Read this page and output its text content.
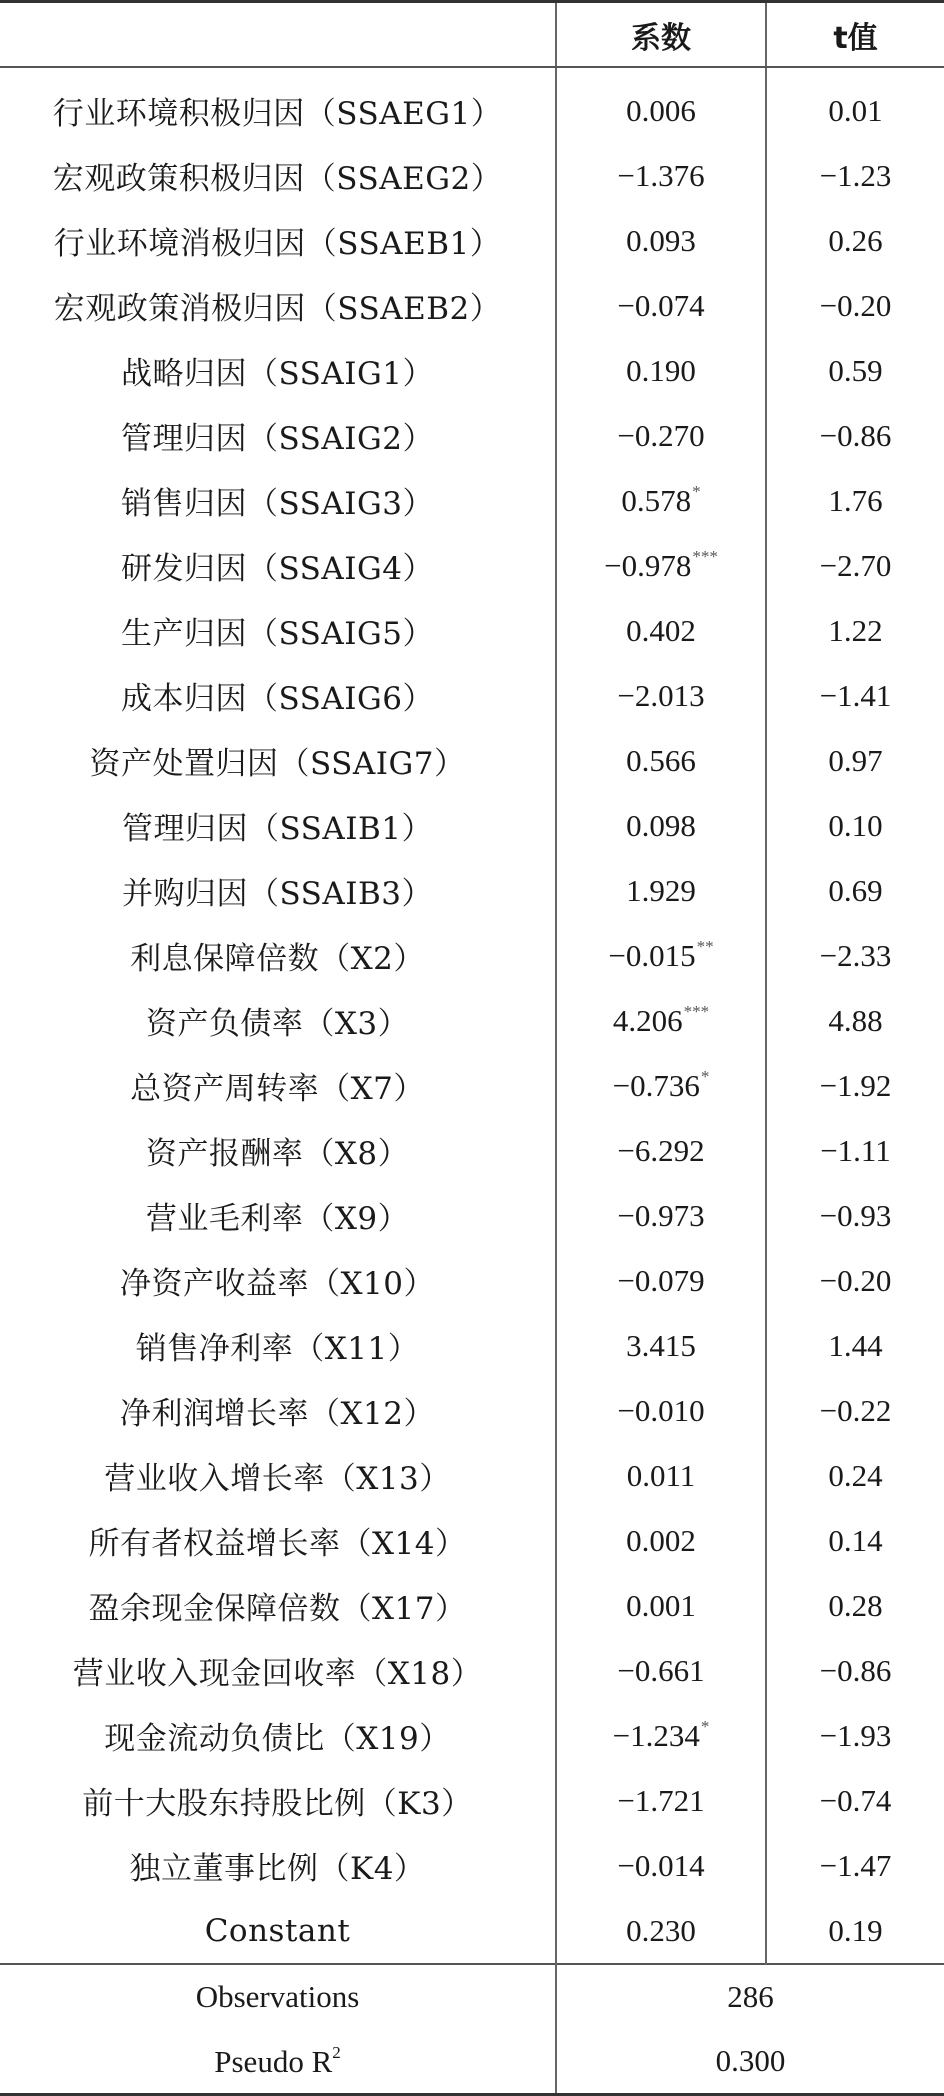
	系数	t值
行业环境积极归因（SSAEG1）	0.006	0.01
宏观政策积极归因（SSAEG2）	−1.376	−1.23
行业环境消极归因（SSAEB1）	0.093	0.26
宏观政策消极归因（SSAEB2）	−0.074	−0.20
战略归因（SSAIG1）	0.190	0.59
管理归因（SSAIG2）	−0.270	−0.86
销售归因（SSAIG3）	0.578*	1.76
研发归因（SSAIG4）	−0.978***	−2.70
生产归因（SSAIG5）	0.402	1.22
成本归因（SSAIG6）	−2.013	−1.41
资产处置归因（SSAIG7）	0.566	0.97
管理归因（SSAIB1）	0.098	0.10
并购归因（SSAIB3）	1.929	0.69
利息保障倍数（X2）	−0.015**	−2.33
资产负债率（X3）	4.206***	4.88
总资产周转率（X7）	−0.736*	−1.92
资产报酬率（X8）	−6.292	−1.11
营业毛利率（X9）	−0.973	−0.93
净资产收益率（X10）	−0.079	−0.20
销售净利率（X11）	3.415	1.44
净利润增长率（X12）	−0.010	−0.22
营业收入增长率（X13）	0.011	0.24
所有者权益增长率（X14）	0.002	0.14
盈余现金保障倍数（X17）	0.001	0.28
营业收入现金回收率（X18）	−0.661	−0.86
现金流动负债比（X19）	−1.234*	−1.93
前十大股东持股比例（K3）	−1.721	−0.74
独立董事比例（K4）	−0.014	−1.47
Constant	0.230	0.19
Observations	286	
Pseudo $R^2$	0.300	
